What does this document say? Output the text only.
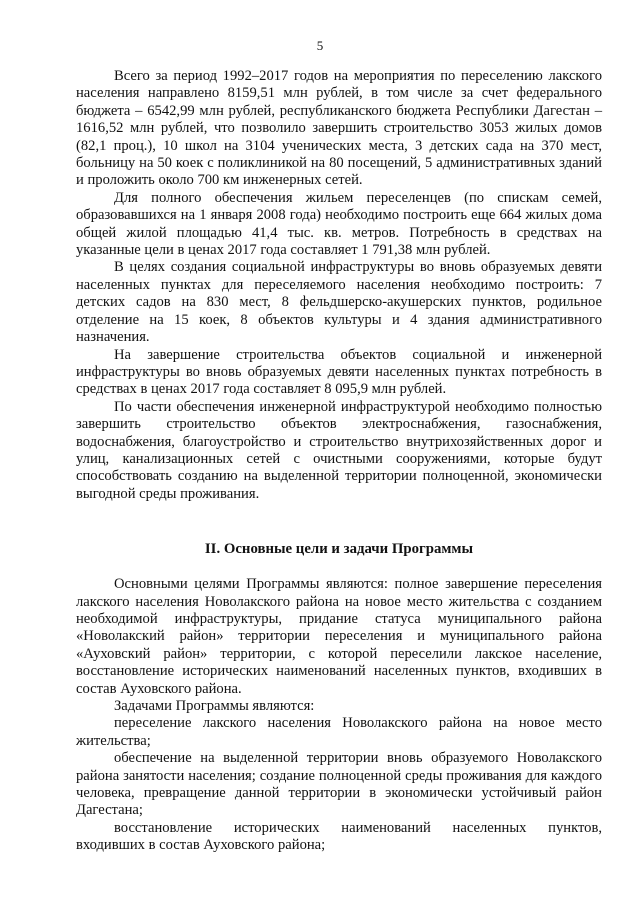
5

Всего за период 1992–2017 годов на мероприятия по переселению лакского населения направлено 8159,51 млн рублей, в том числе за счет федерального бюджета – 6542,99 млн рублей, республиканского бюджета Республики Дагестан – 1616,52 млн рублей, что позволило завершить строительство 3053 жилых домов (82,1 проц.), 10 школ на 3104 ученических места, 3 детских сада на 370 мест, больницу на 50 коек с поликлиникой на 80 посещений, 5 административных зданий и проложить около 700 км инженерных сетей.

Для полного обеспечения жильем переселенцев (по спискам семей, образовавшихся на 1 января 2008 года) необходимо построить еще 664 жилых дома общей жилой площадью 41,4 тыс. кв. метров. Потребность в средствах на указанные цели в ценах 2017 года составляет 1 791,38 млн рублей.

В целях создания социальной инфраструктуры во вновь образуемых девяти населенных пунктах для переселяемого населения необходимо построить: 7 детских садов на 830 мест, 8 фельдшерско-акушерских пунктов, родильное отделение на 15 коек, 8 объектов культуры и 4 здания административного назначения.

На завершение строительства объектов социальной и инженерной инфраструктуры во вновь образуемых девяти населенных пунктах потребность в средствах в ценах 2017 года составляет 8 095,9 млн рублей.

По части обеспечения инженерной инфраструктурой необходимо полностью завершить строительство объектов электроснабжения, газоснабжения, водоснабжения, благоустройство и строительство внутрихозяйственных дорог и улиц, канализационных сетей с очистными сооружениями, которые будут способствовать созданию на выделенной территории полноценной, экономически выгодной среды проживания.

II. Основные цели и задачи Программы

Основными целями Программы являются: полное завершение переселения лакского населения Новолакского района на новое место жительства с созданием необходимой инфраструктуры, придание статуса муниципального района «Новолакский район» территории переселения и муниципального района «Ауховский район» территории, с которой переселили лакское население, восстановление исторических наименований населенных пунктов, входивших в состав Ауховского района.

Задачами Программы являются:

переселение лакского населения Новолакского района на новое место жительства;

обеспечение на выделенной территории вновь образуемого Новолакского района занятости населения; создание полноценной среды проживания для каждого человека, превращение данной территории в экономически устойчивый район Дагестана;

восстановление исторических наименований населенных пунктов, входивших в состав Ауховского района;
